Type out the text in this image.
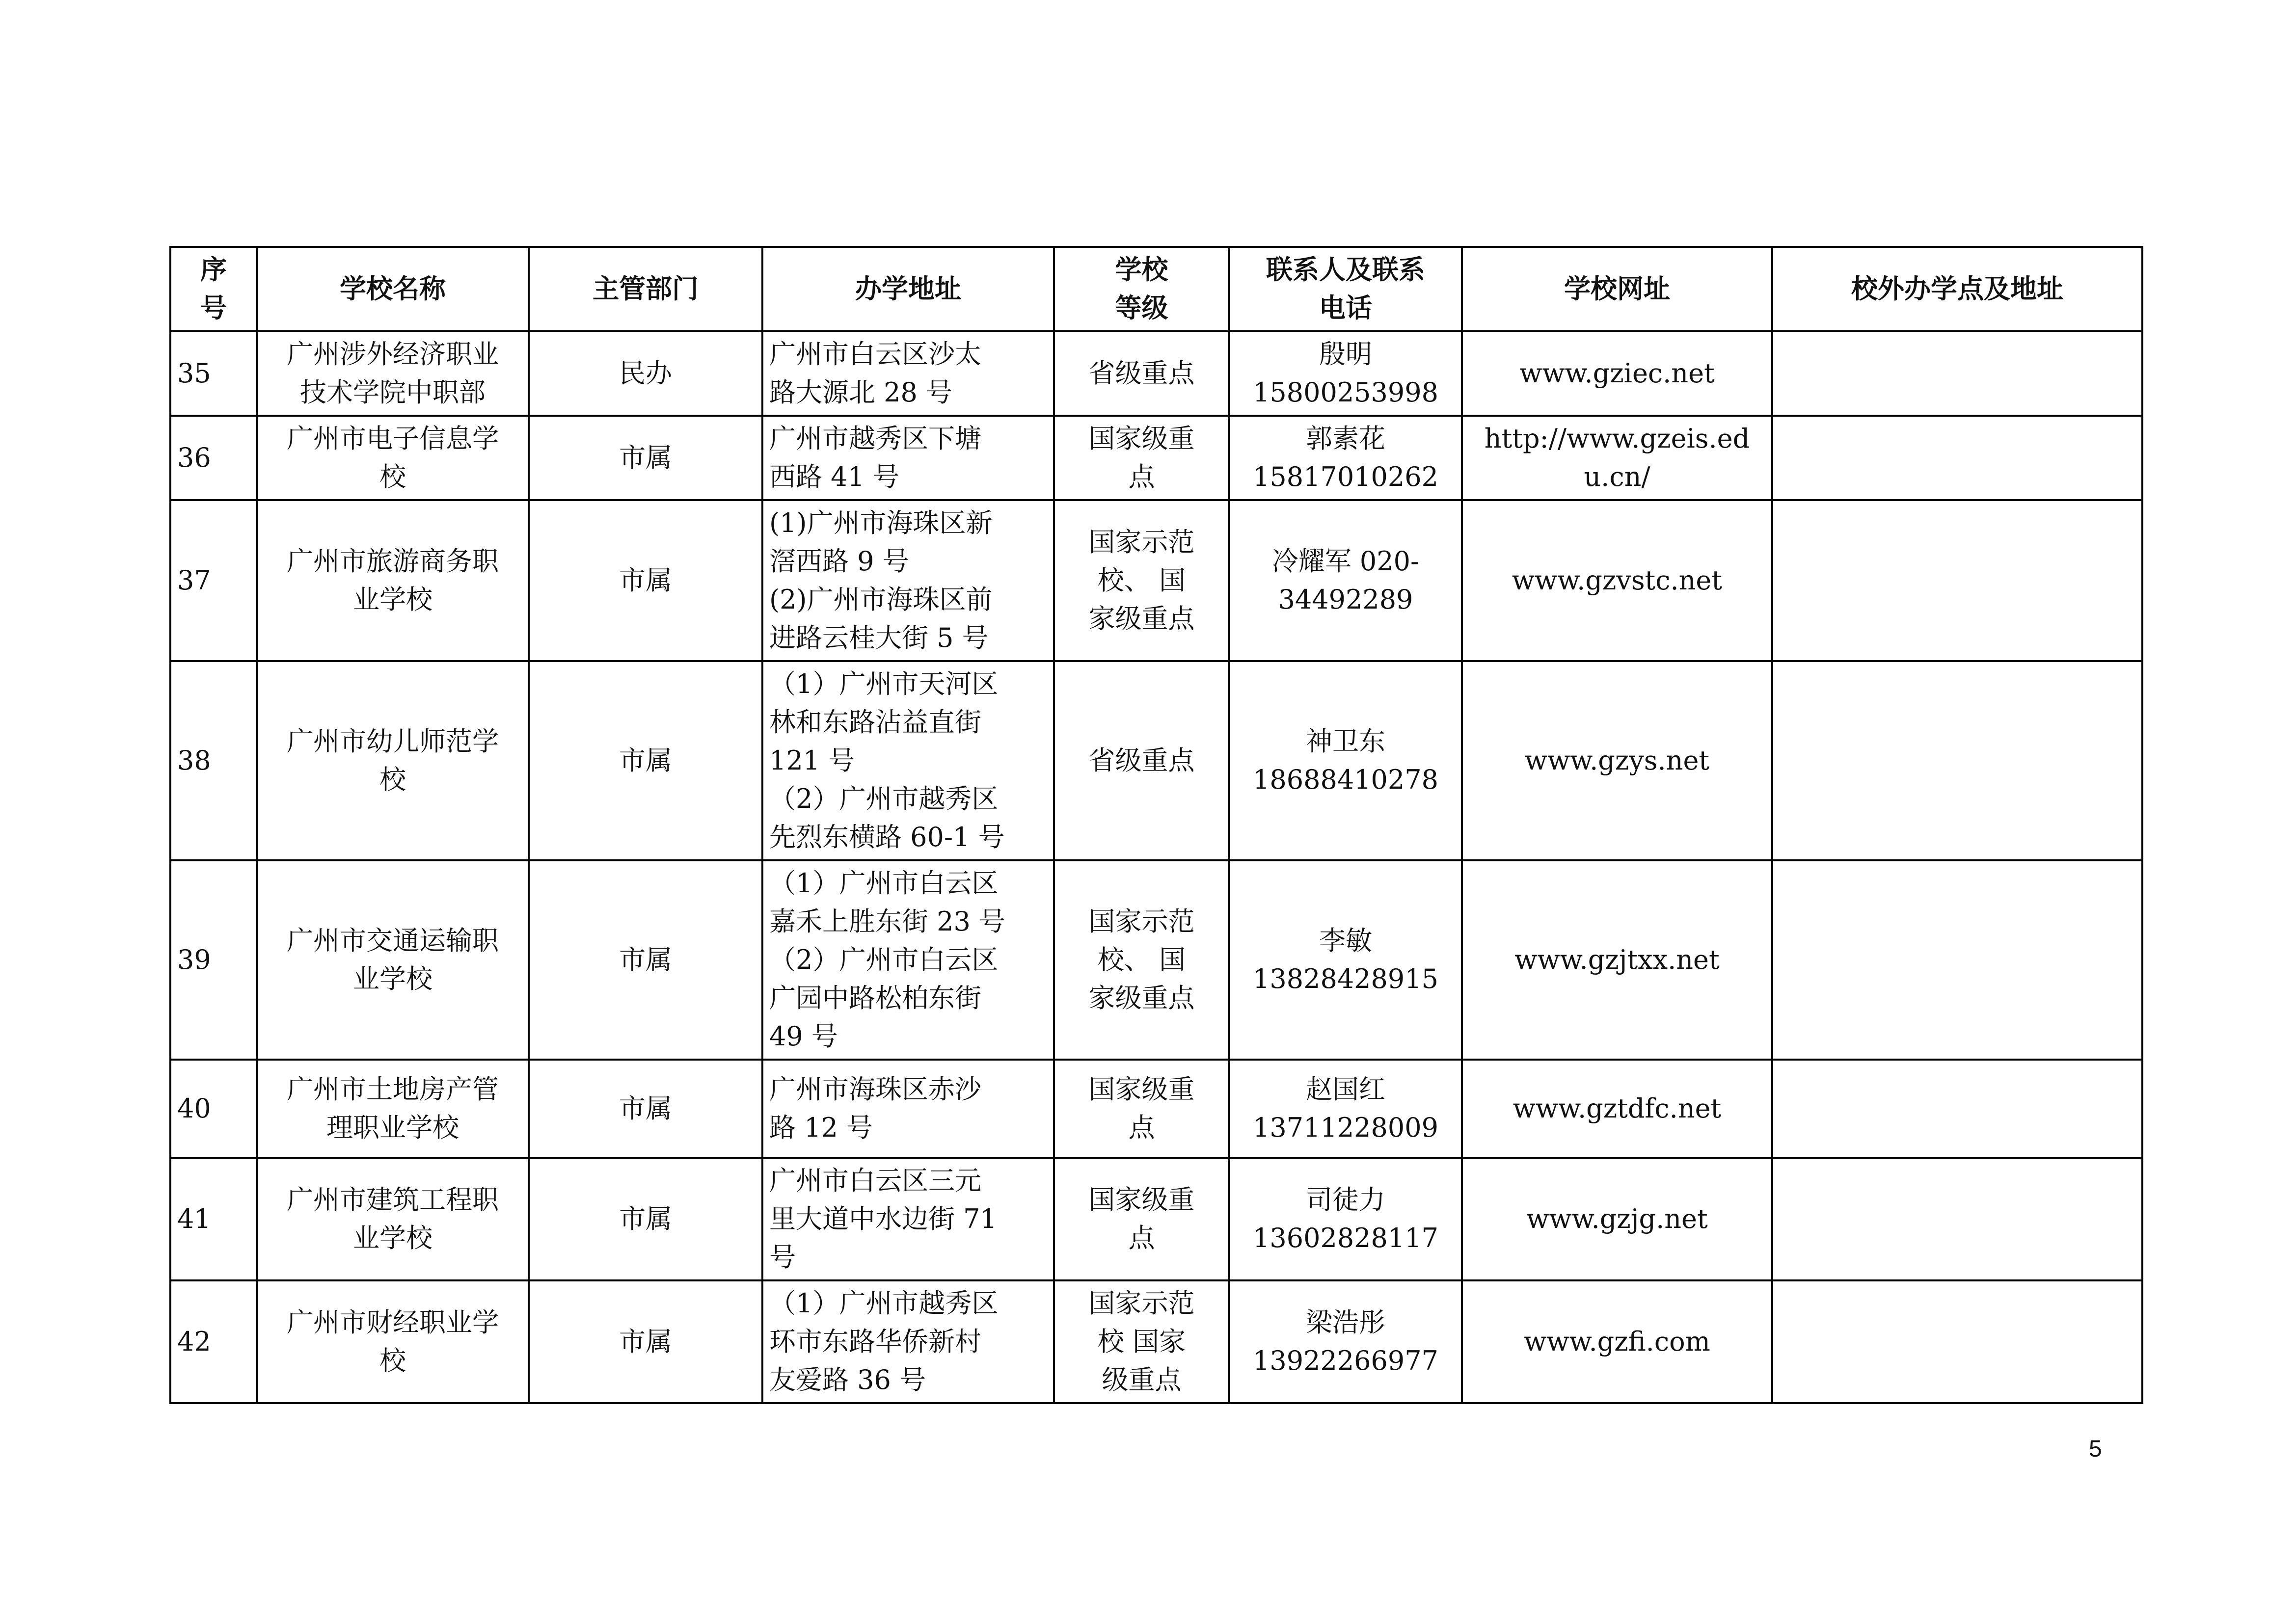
序
号	学校名称	主管部门	办学地址	学校
等级	联系人及联系
电话	学校网址	校外办学点及地址
35	广州涉外经济职业
技术学院中职部	民办	广州市白云区沙太
路大源北 28 号	省级重点	殷明
15800253998	www.gziec.net	
36	广州市电子信息学
校	市属	广州市越秀区下塘
西路 41 号	国家级重
点	郭素花
15817010262	http://www.gzeis.ed
u.cn/	
37	广州市旅游商务职
业学校	市属	(1)广州市海珠区新
滘西路 9 号
(2)广州市海珠区前
进路云桂大街 5 号	国家示范
校、 国
家级重点	冷耀军 020-
34492289	www.gzvstc.net	
38	广州市幼儿师范学
校	市属	（1）广州市天河区
林和东路沾益直街
121 号
（2）广州市越秀区
先烈东横路 60-1 号	省级重点	神卫东
18688410278	www.gzys.net	
39	广州市交通运输职
业学校	市属	（1）广州市白云区
嘉禾上胜东街 23 号
（2）广州市白云区
广园中路松柏东街
49 号	国家示范
校、 国
家级重点	李敏
13828428915	www.gzjtxx.net	
40	广州市土地房产管
理职业学校	市属	广州市海珠区赤沙
路 12 号	国家级重
点	赵国红
13711228009	www.gztdfc.net	
41	广州市建筑工程职
业学校	市属	广州市白云区三元
里大道中水边街 71
号	国家级重
点	司徒力
13602828117	www.gzjg.net	
42	广州市财经职业学
校	市属	（1）广州市越秀区
环市东路华侨新村
友爱路 36 号	国家示范
校 国家
级重点	梁浩彤
13922266977	www.gzfi.com	
5
